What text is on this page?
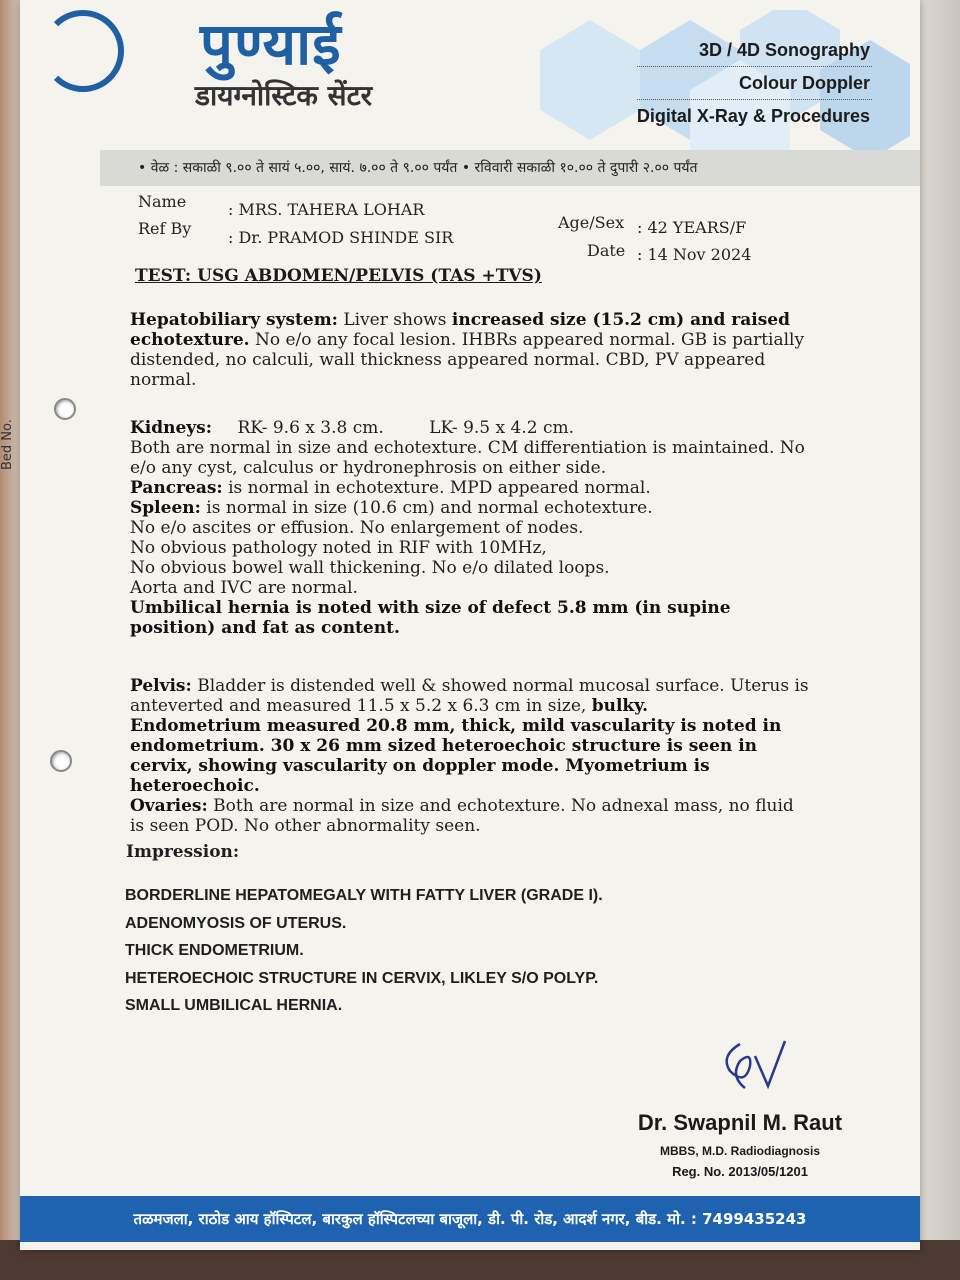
पुण्याई
डायग्नोस्टिक सेंटर
3D / 4D Sonography
Colour Doppler
Digital X-Ray & Procedures
• वेळ : सकाळी ९.०० ते सायं ५.००, सायं. ७.०० ते ९.०० पर्यंत • रविवारी सकाळी १०.०० ते दुपारी २.०० पर्यंत
Name	: MRS. TAHERA LOHAR
Ref By : Dr. PRAMOD SHINDE SIR
Age/Sex : 42 YEARS/F
Date : 14 Nov 2024
TEST: USG ABDOMEN/PELVIS (TAS +TVS)
Hepatobiliary system: Liver shows increased size (15.2 cm) and raised echotexture. No e/o any focal lesion. IHBRs appeared normal. GB is partially distended, no calculi, wall thickness appeared normal. CBD, PV appeared normal.
Kidneys: RK- 9.6 x 3.8 cm.	LK- 9.5 x 4.2 cm.
Both are normal in size and echotexture. CM differentiation is maintained. No e/o any cyst, calculus or hydronephrosis on either side.
Pancreas: is normal in echotexture. MPD appeared normal.
Spleen: is normal in size (10.6 cm) and normal echotexture.
No e/o ascites or effusion. No enlargement of nodes.
No obvious pathology noted in RIF with 10MHz,
No obvious bowel wall thickening. No e/o dilated loops.
Aorta and IVC are normal.
Umbilical hernia is noted with size of defect 5.8 mm (in supine position) and fat as content.
Pelvis: Bladder is distended well & showed normal mucosal surface. Uterus is anteverted and measured 11.5 x 5.2 x 6.3 cm in size, bulky.
Endometrium measured 20.8 mm, thick, mild vascularity is noted in endometrium. 30 x 26 mm sized heteroechoic structure is seen in cervix, showing vascularity on doppler mode. Myometrium is heteroechoic.
Ovaries: Both are normal in size and echotexture. No adnexal mass, no fluid is seen POD. No other abnormality seen.
Impression:
BORDERLINE HEPATOMEGALY WITH FATTY LIVER (GRADE I).
ADENOMYOSIS OF UTERUS.
THICK ENDOMETRIUM.
HETEROECHOIC STRUCTURE IN CERVIX, LIKLEY S/O POLYP.
SMALL UMBILICAL HERNIA.
Dr. Swapnil M. Raut
MBBS, M.D. Radiodiagnosis
Reg. No. 2013/05/1201
तळमजला, राठोड आय हॉस्पिटल, बारकुल हॉस्पिटलच्या बाजूला, डी. पी. रोड, आदर्श नगर, बीड. मो. : 7499435243
Bed No.
